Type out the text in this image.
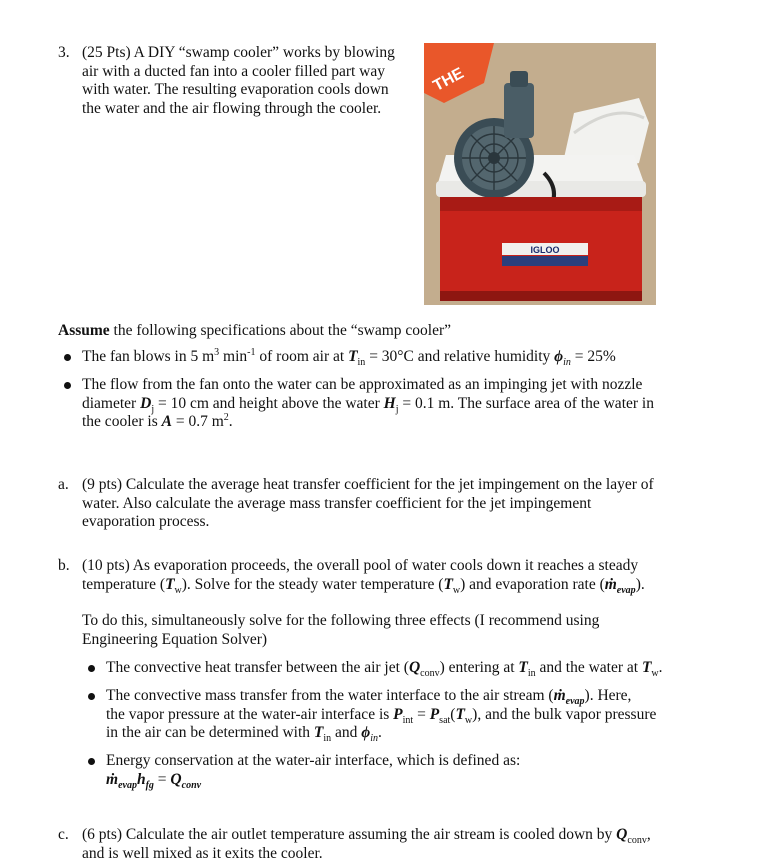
3. (25 Pts) A DIY “swamp cooler” works by blowing
air with a ducted fan into a cooler filled part way
with water. The resulting evaporation cools down
the water and the air flowing through the cooler.
THE
IGLOO
Assume the following specifications about the “swamp cooler”
The fan blows in 5 $m^3$ $\min^{-1}$ of room air at $T_{in} = 30^\circ C$ and relative humidity $\phi_{in} = 25\%$
The flow from the fan onto the water can be approximated as an impinging jet with nozzle
diameter $D_j = 10$ cm and height above the water $H_j = 0.1$ m. The surface area of the water in
the cooler is A = 0.7 $m^2$.
a. (9 pts) Calculate the average heat transfer coefficient for the jet impingement on the layer of
water. Also calculate the average mass transfer coefficient for the jet impingement
evaporation process.
b. (10 pts) As evaporation proceeds, the overall pool of water cools down it reaches a steady
temperature $(T_w)$. Solve for the steady water temperature $(T_w)$ and evaporation rate (ṁ$_{evap}$).
To do this, simultaneously solve for the following three effects (I recommend using
Engineering Equation Solver)
The convective heat transfer between the air jet $(Q_{conv})$ entering at $T_{in}$ and the water at $T_w$.
The convective mass transfer from the water interface to the air stream (ṁ$_{evap}$). Here,
the vapor pressure at the water-air interface is $P_{int} = P_{sat}(T_w)$, and the bulk vapor pressure
in the air can be determined with $T_{in}$ and $\phi_{in}$.
Energy conservation at the water-air interface, which is defined as:
$ṁ_{evap}h_{fg} = Q_{conv}$
c. (6 pts) Calculate the air outlet temperature assuming the air stream is cooled down by $Q_{conv}$,
and is well mixed as it exits the cooler.
